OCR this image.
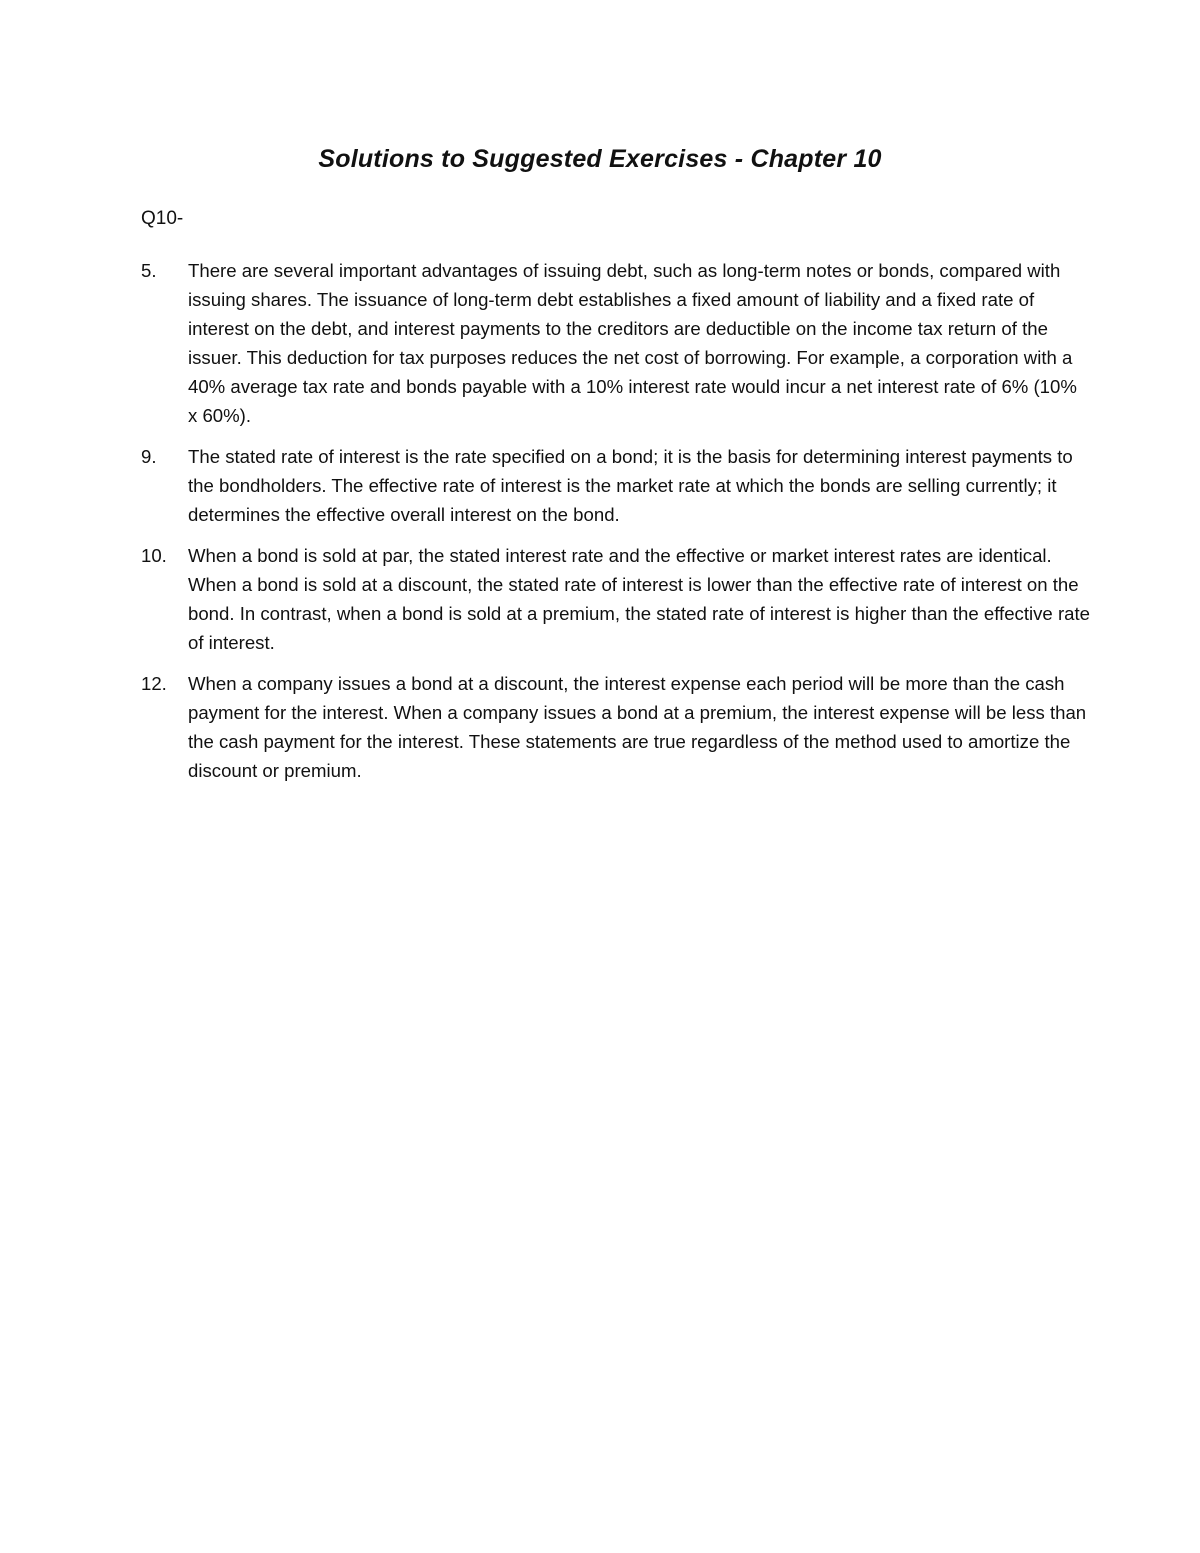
Solutions to Suggested Exercises - Chapter 10
Q10-
5. There are several important advantages of issuing debt, such as long-term notes or bonds, compared with issuing shares. The issuance of long-term debt establishes a fixed amount of liability and a fixed rate of interest on the debt, and interest payments to the creditors are deductible on the income tax return of the issuer. This deduction for tax purposes reduces the net cost of borrowing. For example, a corporation with a 40% average tax rate and bonds payable with a 10% interest rate would incur a net interest rate of 6% (10% x 60%).
9. The stated rate of interest is the rate specified on a bond; it is the basis for determining interest payments to the bondholders. The effective rate of interest is the market rate at which the bonds are selling currently; it determines the effective overall interest on the bond.
10. When a bond is sold at par, the stated interest rate and the effective or market interest rates are identical. When a bond is sold at a discount, the stated rate of interest is lower than the effective rate of interest on the bond. In contrast, when a bond is sold at a premium, the stated rate of interest is higher than the effective rate of interest.
12. When a company issues a bond at a discount, the interest expense each period will be more than the cash payment for the interest. When a company issues a bond at a premium, the interest expense will be less than the cash payment for the interest. These statements are true regardless of the method used to amortize the discount or premium.
